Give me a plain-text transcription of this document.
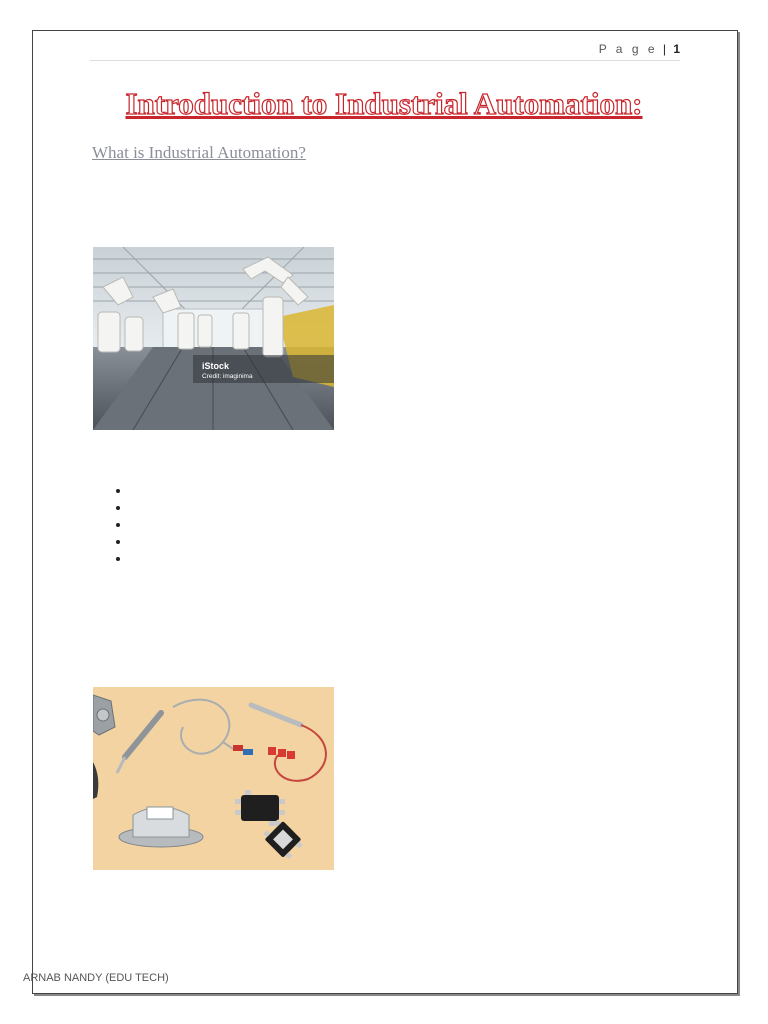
P a g e | 1
Introduction to Industrial Automation:
What is Industrial Automation?
iStock
Credit: imaginima
ARNAB NANDY (EDU TECH)
